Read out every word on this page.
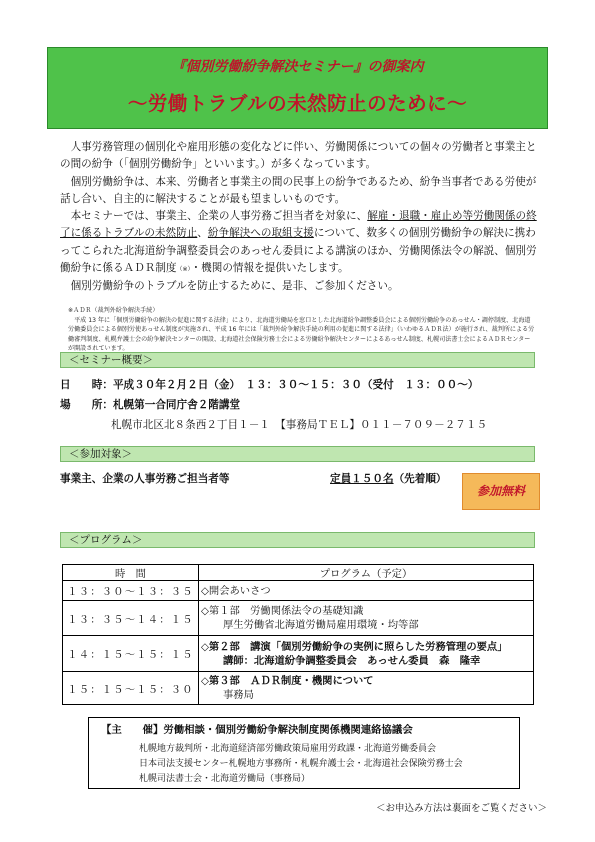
『個別労働紛争解決セミナー』の御案内
～労働トラブルの未然防止のために～

人事労務管理の個別化や雇用形態の変化などに伴い、労働関係についての個々の労働者と事業主との間の紛争（「個別労働紛争」といいます。）が多くなっています。

個別労働紛争は、本来、労働者と事業主の間の民事上の紛争であるため、紛争当事者である労使が話し合い、自主的に解決することが最も望ましいものです。

本セミナーでは、事業主、企業の人事労務ご担当者を対象に、解雇・退職・雇止め等労働関係の終了に係るトラブルの未然防止、紛争解決への取組支援について、数多くの個別労働紛争の解決に携わってこられた北海道紛争調整委員会のあっせん委員による講演のほか、労働関係法令の解説、個別労働紛争に係るＡＤＲ制度（※）・機関の情報を提供いたします。

個別労働紛争のトラブルを防止するために、是非、ご参加ください。

※ＡＤＲ（裁判外紛争解決手続）

平成 13 年に「個別労働紛争の解決の促進に関する法律」により、北海道労働局を窓口とした北海道紛争調整委員会による個別労働紛争のあっせん・調停制度、北海道労働委員会による個別労使あっせん制度が実施され、平成 16 年には「裁判外紛争解決手続の利用の促進に関する法律」（いわゆるＡＤＲ法）が施行され、裁判所による労働審判制度、札幌弁護士会の紛争解決センターの開設、北海道社会保険労務士会による労働紛争解決センターによるあっせん制度、札幌司法書士会によるＡＤＲセンターが開設されています。

＜セミナー概要＞
日　　時：平成３０年２月２日（金）　１３：３０～１５：３０（受付　１３：００～）
場　　所：札幌第一合同庁舎２階講堂
札幌市北区北８条西２丁目１－１　【事務局ＴＥＬ】０１１－７０９－２７１５
＜参加対象＞
事業主、企業の人事労務ご担当者等	定員１５０名（先着順）
参加無料
＜プログラム＞
時　間	プログラム（予定）
１３：３０～１３：３５	◇開会あいさつ

１３：３５～１４：１５	◇第１部　労働関係法令の基礎知識
厚生労働省北海道労働局雇用環境・均等部

１４：１５～１５：１５	◇第２部　講演「個別労働紛争の実例に照らした労務管理の要点」
講師：北海道紛争調整委員会　あっせん委員　森　隆幸

１５：１５～１５：３０	◇第３部　ＡＤＲ制度・機関について
事務局
【主　　催】労働相談・個別労働紛争解決制度関係機関連絡協議会
札幌地方裁判所・北海道経済部労働政策局雇用労政課・北海道労働委員会
日本司法支援センター札幌地方事務所・札幌弁護士会・北海道社会保険労務士会
札幌司法書士会・北海道労働局（事務局）
＜お申込み方法は裏面をご覧ください＞
